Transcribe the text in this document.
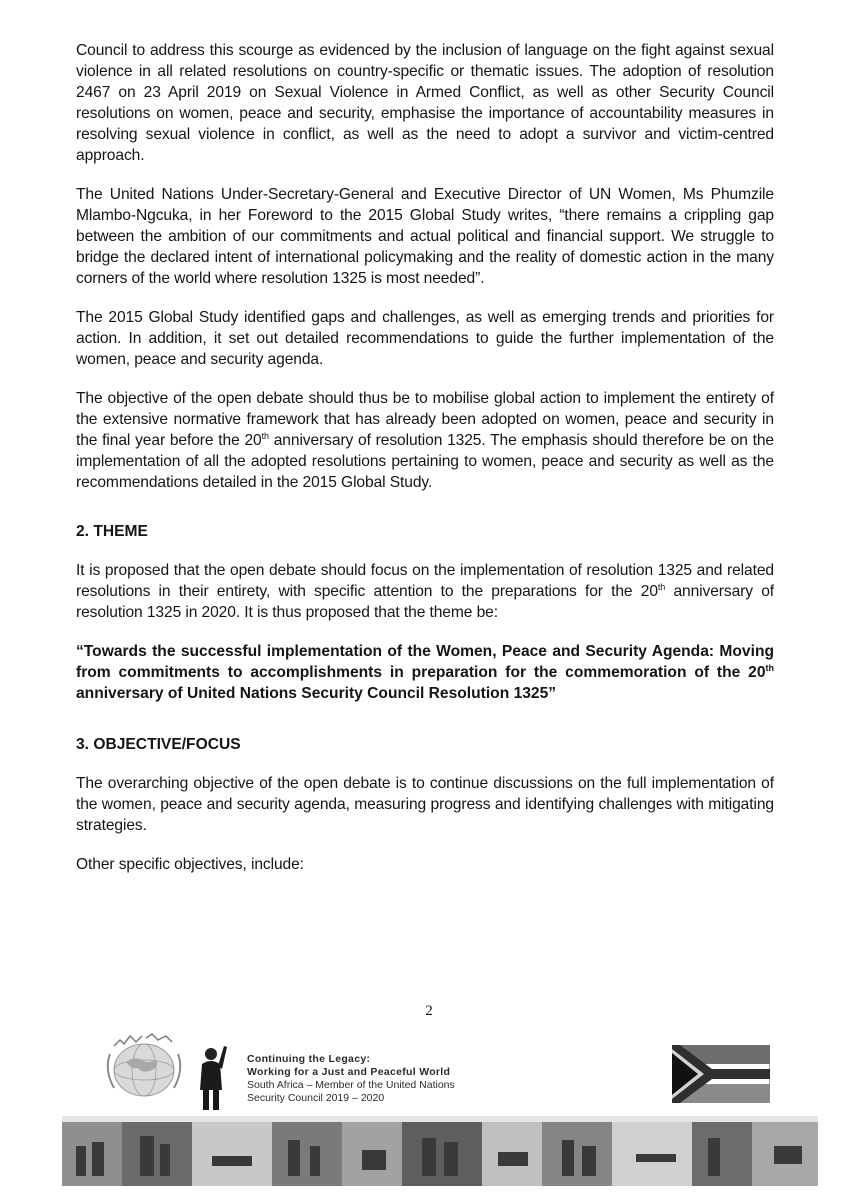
Council to address this scourge as evidenced by the inclusion of language on the fight against sexual violence in all related resolutions on country-specific or thematic issues. The adoption of resolution 2467 on 23 April 2019 on Sexual Violence in Armed Conflict, as well as other Security Council resolutions on women, peace and security, emphasise the importance of accountability measures in resolving sexual violence in conflict, as well as the need to adopt a survivor and victim-centred approach.

The United Nations Under-Secretary-General and Executive Director of UN Women, Ms Phumzile Mlambo-Ngcuka, in her Foreword to the 2015 Global Study writes, “there remains a crippling gap between the ambition of our commitments and actual political and financial support. We struggle to bridge the declared intent of international policymaking and the reality of domestic action in the many corners of the world where resolution 1325 is most needed”.

The 2015 Global Study identified gaps and challenges, as well as emerging trends and priorities for action. In addition, it set out detailed recommendations to guide the further implementation of the women, peace and security agenda.

The objective of the open debate should thus be to mobilise global action to implement the entirety of the extensive normative framework that has already been adopted on women, peace and security in the final year before the 20th anniversary of resolution 1325. The emphasis should therefore be on the implementation of all the adopted resolutions pertaining to women, peace and security as well as the recommendations detailed in the 2015 Global Study.

2. THEME

It is proposed that the open debate should focus on the implementation of resolution 1325 and related resolutions in their entirety, with specific attention to the preparations for the 20th anniversary of resolution 1325 in 2020. It is thus proposed that the theme be:

“Towards the successful implementation of the Women, Peace and Security Agenda: Moving from commitments to accomplishments in preparation for the commemoration of the 20th anniversary of United Nations Security Council Resolution 1325”

3. OBJECTIVE/FOCUS

The overarching objective of the open debate is to continue discussions on the full implementation of the women, peace and security agenda, measuring progress and identifying challenges with mitigating strategies.

Other specific objectives, include:

2
Continuing the Legacy:
Working for a Just and Peaceful World
South Africa – Member of the United Nations
Security Council 2019 – 2020
